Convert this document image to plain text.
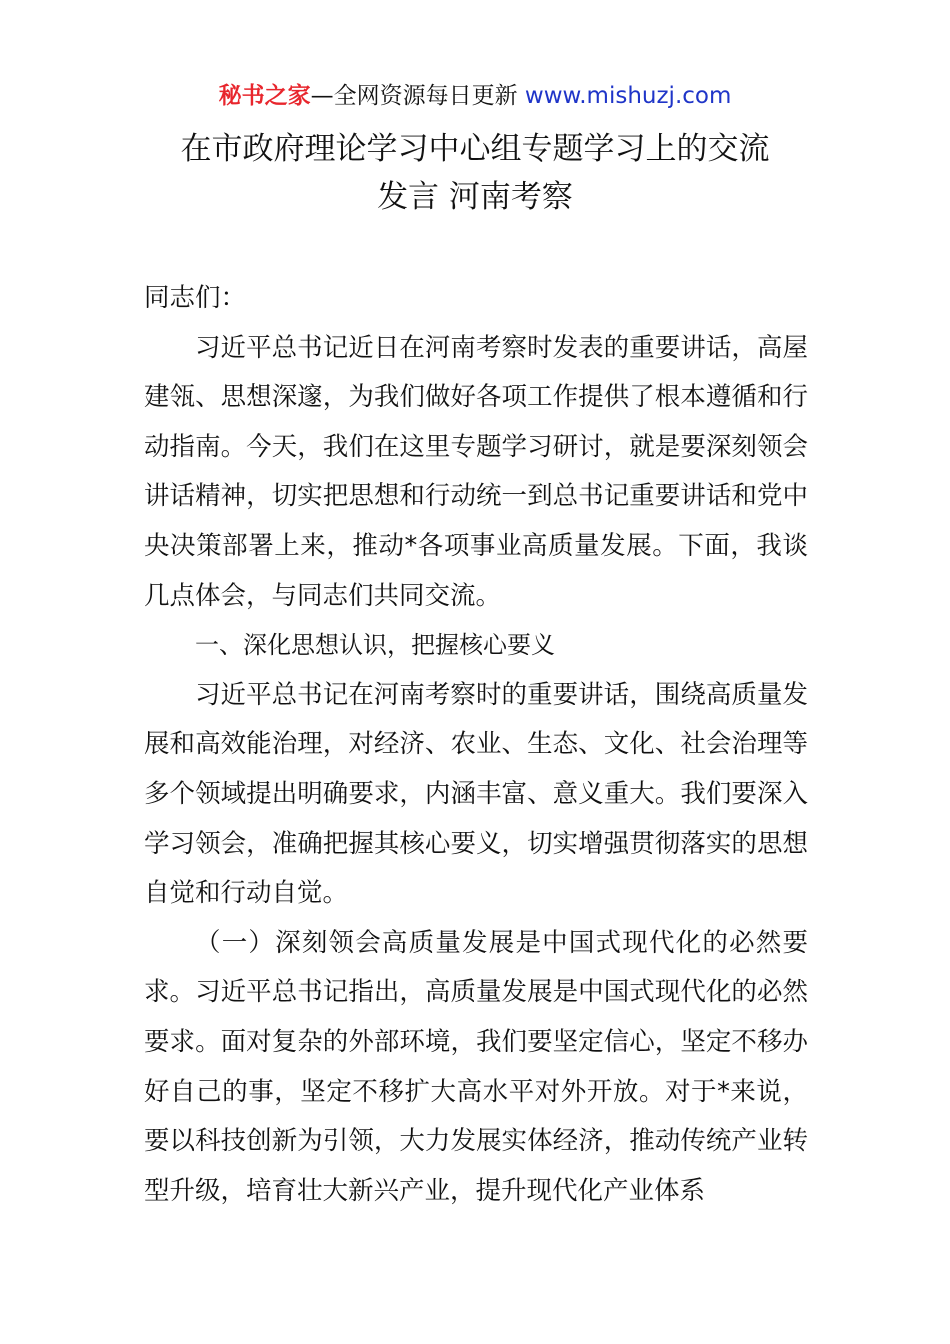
秘书之家—全网资源每日更新 www.mishuzj.com
在市政府理论学习中心组专题学习上的交流
发言 河南考察

同志们：

习近平总书记近日在河南考察时发表的重要讲话，高屋建瓴、思想深邃，为我们做好各项工作提供了根本遵循和行动指南。今天，我们在这里专题学习研讨，就是要深刻领会讲话精神，切实把思想和行动统一到总书记重要讲话和党中央决策部署上来，推动*各项事业高质量发展。下面，我谈几点体会，与同志们共同交流。

一、深化思想认识，把握核心要义

习近平总书记在河南考察时的重要讲话，围绕高质量发展和高效能治理，对经济、农业、生态、文化、社会治理等多个领域提出明确要求，内涵丰富、意义重大。我们要深入学习领会，准确把握其核心要义，切实增强贯彻落实的思想自觉和行动自觉。

（一）深刻领会高质量发展是中国式现代化的必然要求。习近平总书记指出，高质量发展是中国式现代化的必然要求。面对复杂的外部环境，我们要坚定信心，坚定不移办好自己的事，坚定不移扩大高水平对外开放。对于*来说，要以科技创新为引领，大力发展实体经济，推动传统产业转型升级，培育壮大新兴产业，提升现代化产业体系
